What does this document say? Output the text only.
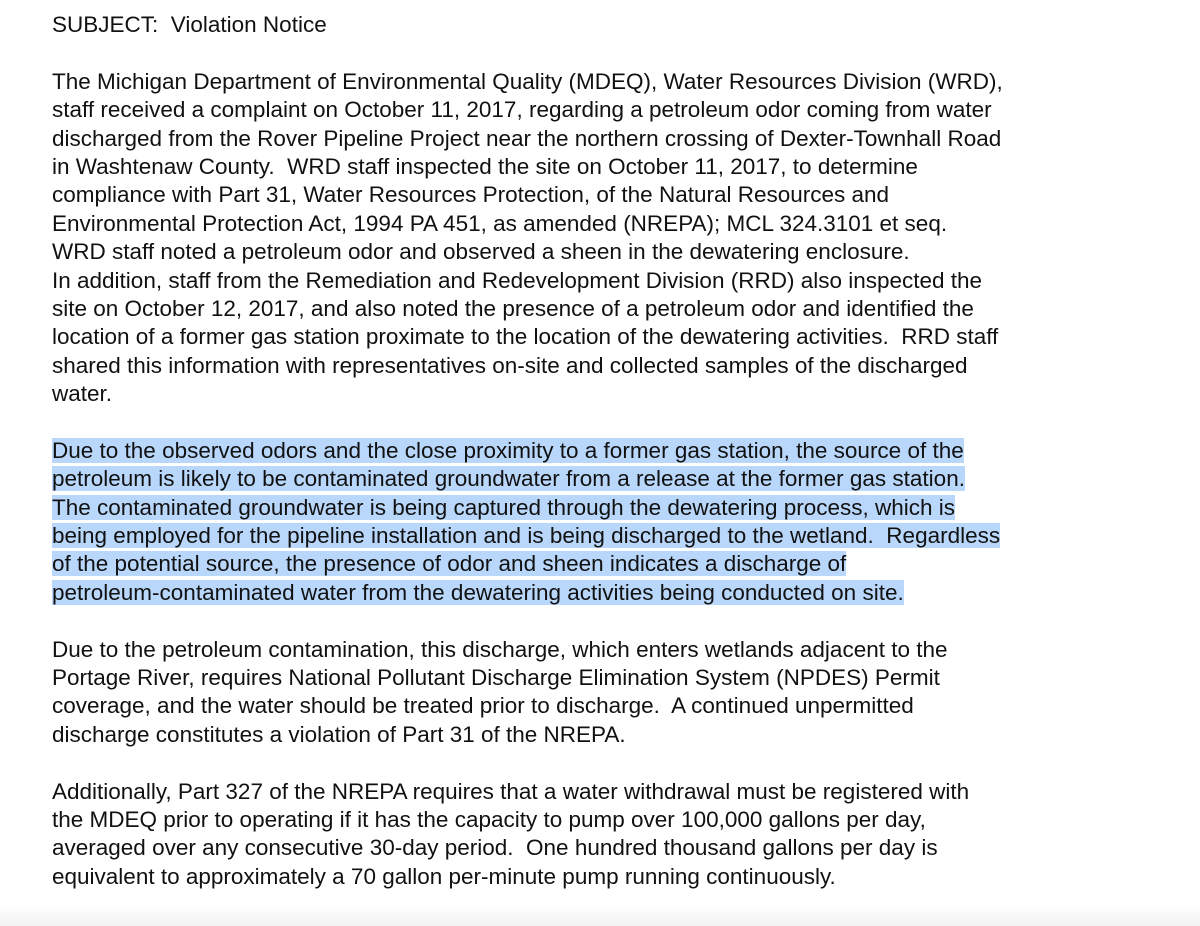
SUBJECT:  Violation Notice
The Michigan Department of Environmental Quality (MDEQ), Water Resources Division (WRD),
staff received a complaint on October 11, 2017, regarding a petroleum odor coming from water
discharged from the Rover Pipeline Project near the northern crossing of Dexter-Townhall Road
in Washtenaw County.  WRD staff inspected the site on October 11, 2017, to determine
compliance with Part 31, Water Resources Protection, of the Natural Resources and
Environmental Protection Act, 1994 PA 451, as amended (NREPA); MCL 324.3101 et seq.
WRD staff noted a petroleum odor and observed a sheen in the dewatering enclosure.
In addition, staff from the Remediation and Redevelopment Division (RRD) also inspected the
site on October 12, 2017, and also noted the presence of a petroleum odor and identified the
location of a former gas station proximate to the location of the dewatering activities.  RRD staff
shared this information with representatives on-site and collected samples of the discharged
water.
Due to the observed odors and the close proximity to a former gas station, the source of the
petroleum is likely to be contaminated groundwater from a release at the former gas station.
The contaminated groundwater is being captured through the dewatering process, which is
being employed for the pipeline installation and is being discharged to the wetland.  Regardless
of the potential source, the presence of odor and sheen indicates a discharge of
petroleum-contaminated water from the dewatering activities being conducted on site.
Due to the petroleum contamination, this discharge, which enters wetlands adjacent to the
Portage River, requires National Pollutant Discharge Elimination System (NPDES) Permit
coverage, and the water should be treated prior to discharge.  A continued unpermitted
discharge constitutes a violation of Part 31 of the NREPA.
Additionally, Part 327 of the NREPA requires that a water withdrawal must be registered with
the MDEQ prior to operating if it has the capacity to pump over 100,000 gallons per day,
averaged over any consecutive 30-day period.  One hundred thousand gallons per day is
equivalent to approximately a 70 gallon per-minute pump running continuously.
